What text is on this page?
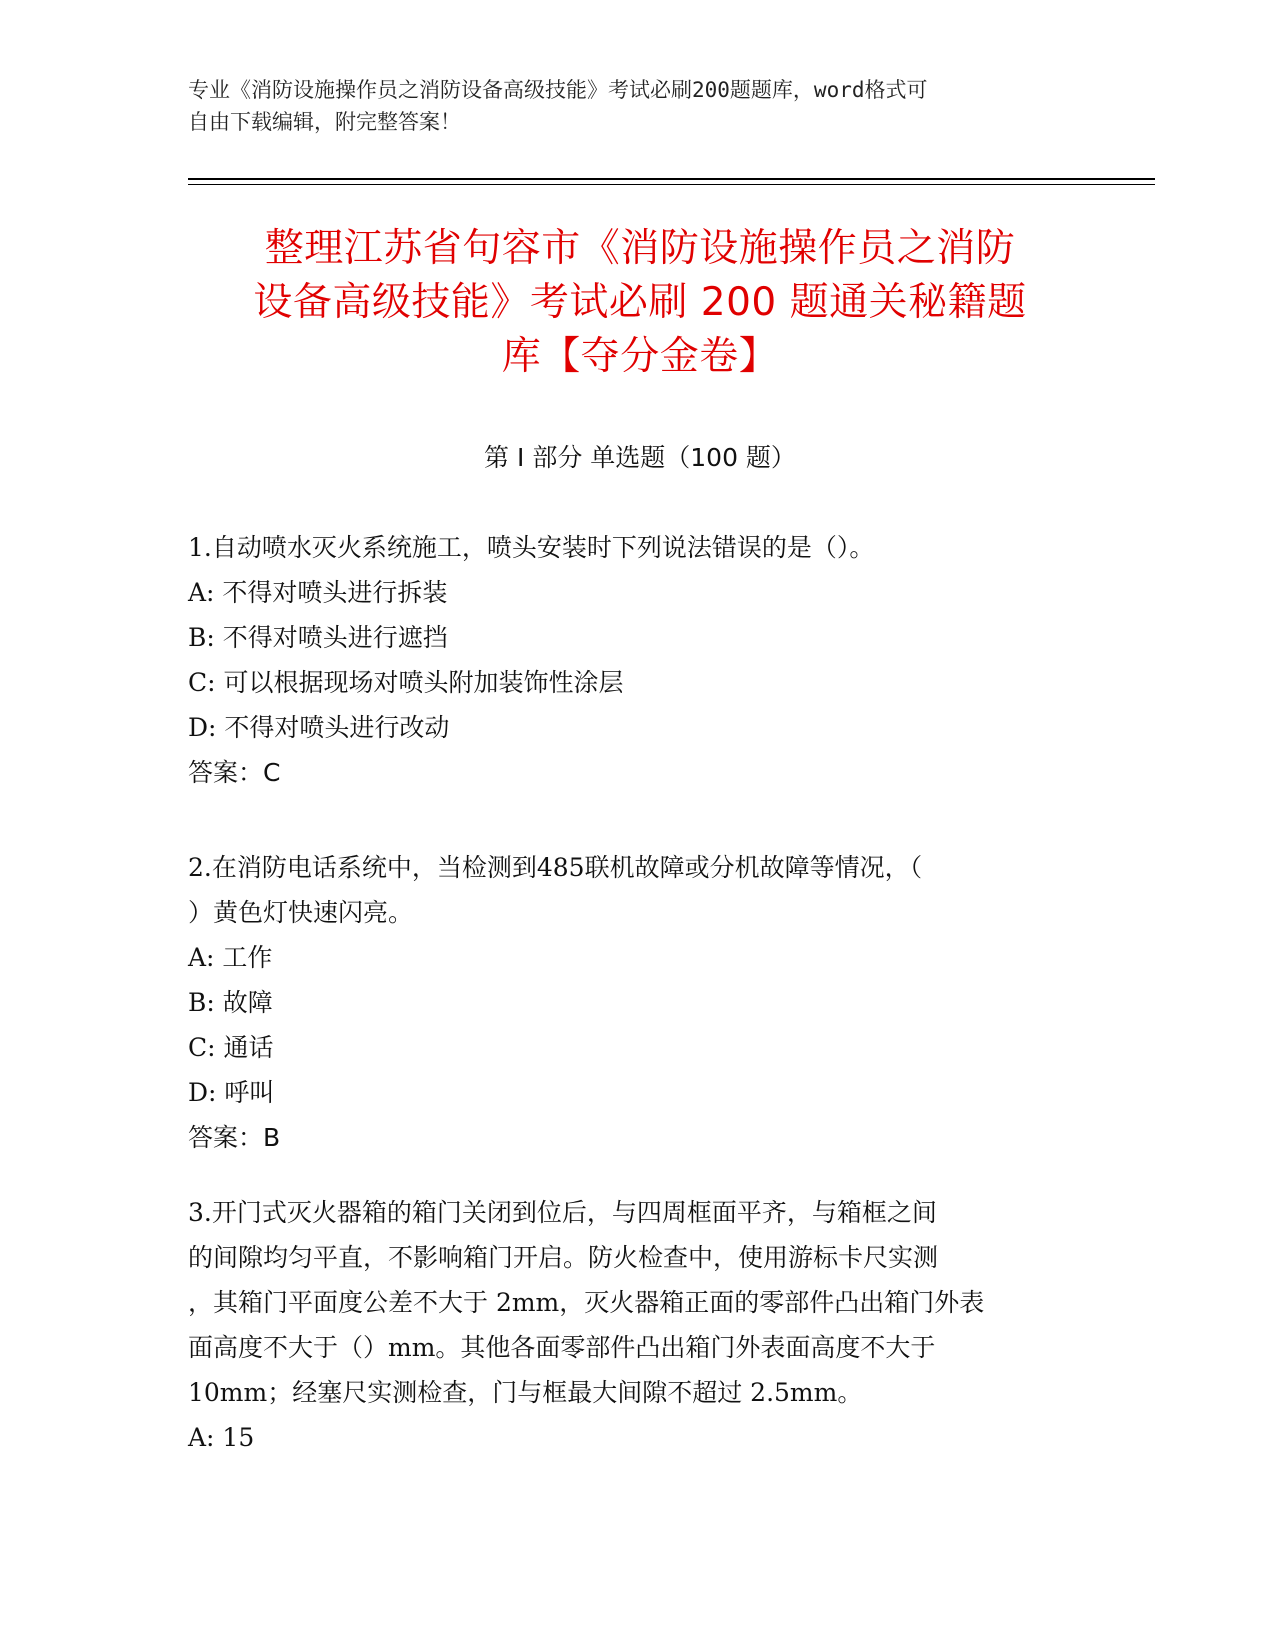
专业《消防设施操作员之消防设备高级技能》考试必刷200题题库，word格式可
自由下载编辑，附完整答案！
整理江苏省句容市《消防设施操作员之消防
设备高级技能》考试必刷 200 题通关秘籍题
库【夺分金卷】
第 I 部分 单选题（100 题）
1.自动喷水灭火系统施工，喷头安装时下列说法错误的是（）。
A: 不得对喷头进行拆装
B: 不得对喷头进行遮挡
C: 可以根据现场对喷头附加装饰性涂层
D: 不得对喷头进行改动
答案：C
2.在消防电话系统中，当检测到485联机故障或分机故障等情况，（
）黄色灯快速闪亮。
A: 工作
B: 故障
C: 通话
D: 呼叫
答案：B
3.开门式灭火器箱的箱门关闭到位后，与四周框面平齐，与箱框之间
的间隙均匀平直，不影响箱门开启。防火检查中，使用游标卡尺实测
，其箱门平面度公差不大于 2mm，灭火器箱正面的零部件凸出箱门外表
面高度不大于（）mm。其他各面零部件凸出箱门外表面高度不大于
10mm；经塞尺实测检查，门与框最大间隙不超过 2.5mm。
A: 15
